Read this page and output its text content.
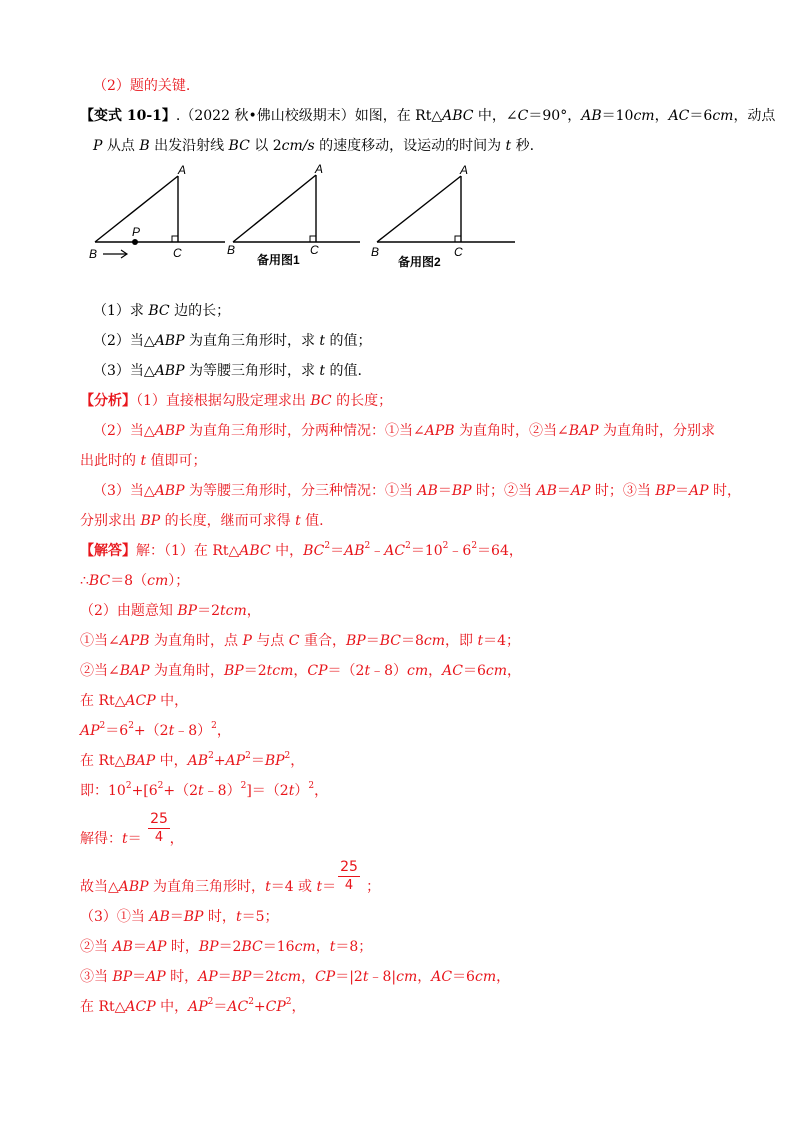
（2）题的关键.
【变式 10-1】.（2022 秋•佛山校级期末）如图，在 Rt△ABC 中，∠C＝90°，AB＝10cm，AC＝6cm，动点
P 从点 B 出发沿射线 BC 以 2cm/s 的速度移动，设运动的时间为 t 秒.
A
B	C
P
A
B	C
备用图1
A
B	C
备用图2
（1）求 BC 边的长；
（2）当△ABP 为直角三角形时，求 t 的值；
（3）当△ABP 为等腰三角形时，求 t 的值.
【分析】（1）直接根据勾股定理求出 BC 的长度；
（2）当△ABP 为直角三角形时，分两种情况：①当∠APB 为直角时，②当∠BAP 为直角时，分别求
出此时的 t 值即可；
（3）当△ABP 为等腰三角形时，分三种情况：①当 AB＝BP 时；②当 AB＝AP 时；③当 BP＝AP 时，
分别求出 BP 的长度，继而可求得 t 值.
【解答】解：（1）在 Rt△ABC 中，$BC^2=AB^2﹣AC^2=10^2﹣6^2=64$，
∴BC＝8（cm）；
（2）由题意知 BP＝2tcm，
①当∠APB 为直角时，点 P 与点 C 重合，BP＝BC＝8cm，即 t＝4；
②当∠BAP 为直角时，BP＝2tcm，CP＝（2t﹣8）cm，AC＝6cm，
在 Rt△ACP 中，
$AP^2=6^2+(2t﹣8)^2$，
在 Rt△BAP 中，$AB^2+AP^2=BP^2$，
即：$10^2+[6^2+(2t﹣8)^2]=(2t)^2$，
解得：t＝ ，
25
4
故当△ABP 为直角三角形时，t＝4 或 t＝ ；
25
4
（3）①当 AB＝BP 时，t＝5；
②当 AB＝AP 时，BP＝2BC＝16cm，t＝8；
③当 BP＝AP 时，AP＝BP＝2tcm，CP＝|2t﹣8|cm，AC＝6cm，
在 Rt△ACP 中，$AP^2=AC^2+CP^2$，
